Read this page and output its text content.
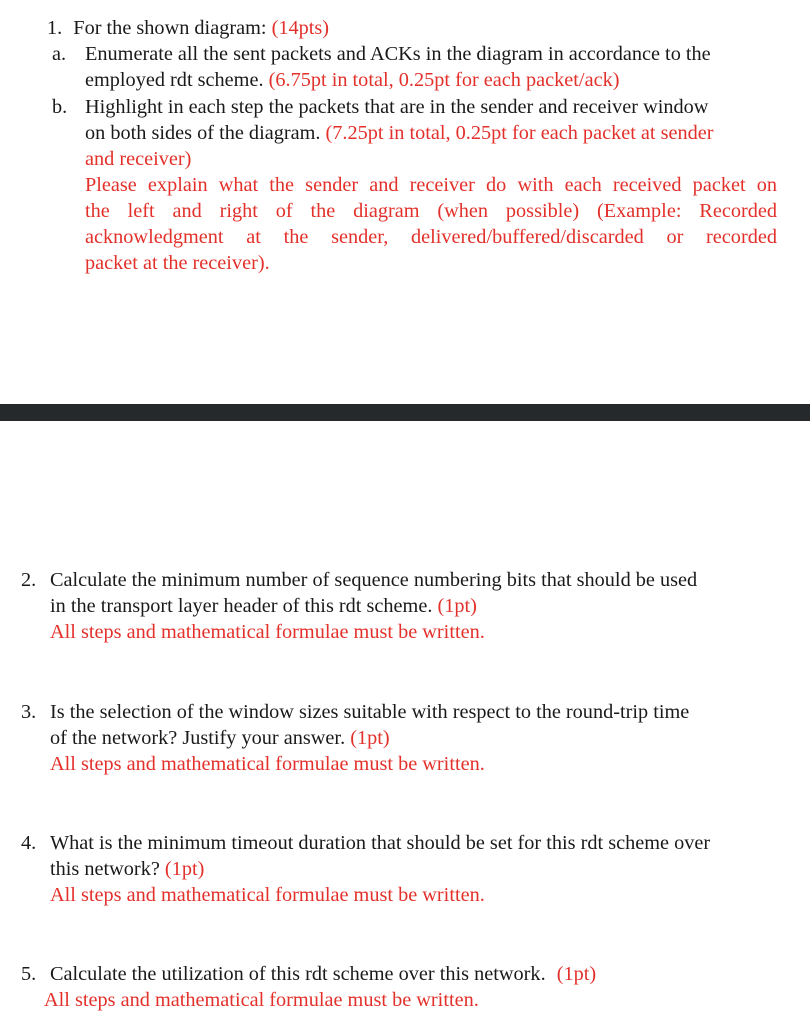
1. For the shown diagram: (14pts)
a. Enumerate all the sent packets and ACKs in the diagram in accordance to the
employed rdt scheme. (6.75pt in total, 0.25pt for each packet/ack)
b. Highlight in each step the packets that are in the sender and receiver window
on both sides of the diagram. (7.25pt in total, 0.25pt for each packet at sender
and receiver)
Please explain what the sender and receiver do with each received packet on
the left and right of the diagram (when possible) (Example: Recorded
acknowledgment at the sender, delivered/buffered/discarded or recorded
packet at the receiver).
2. Calculate the minimum number of sequence numbering bits that should be used
in the transport layer header of this rdt scheme. (1pt)
All steps and mathematical formulae must be written.
3. Is the selection of the window sizes suitable with respect to the round-trip time
of the network? Justify your answer. (1pt)
All steps and mathematical formulae must be written.
4. What is the minimum timeout duration that should be set for this rdt scheme over
this network? (1pt)
All steps and mathematical formulae must be written.
5. Calculate the utilization of this rdt scheme over this network. (1pt)
All steps and mathematical formulae must be written.
